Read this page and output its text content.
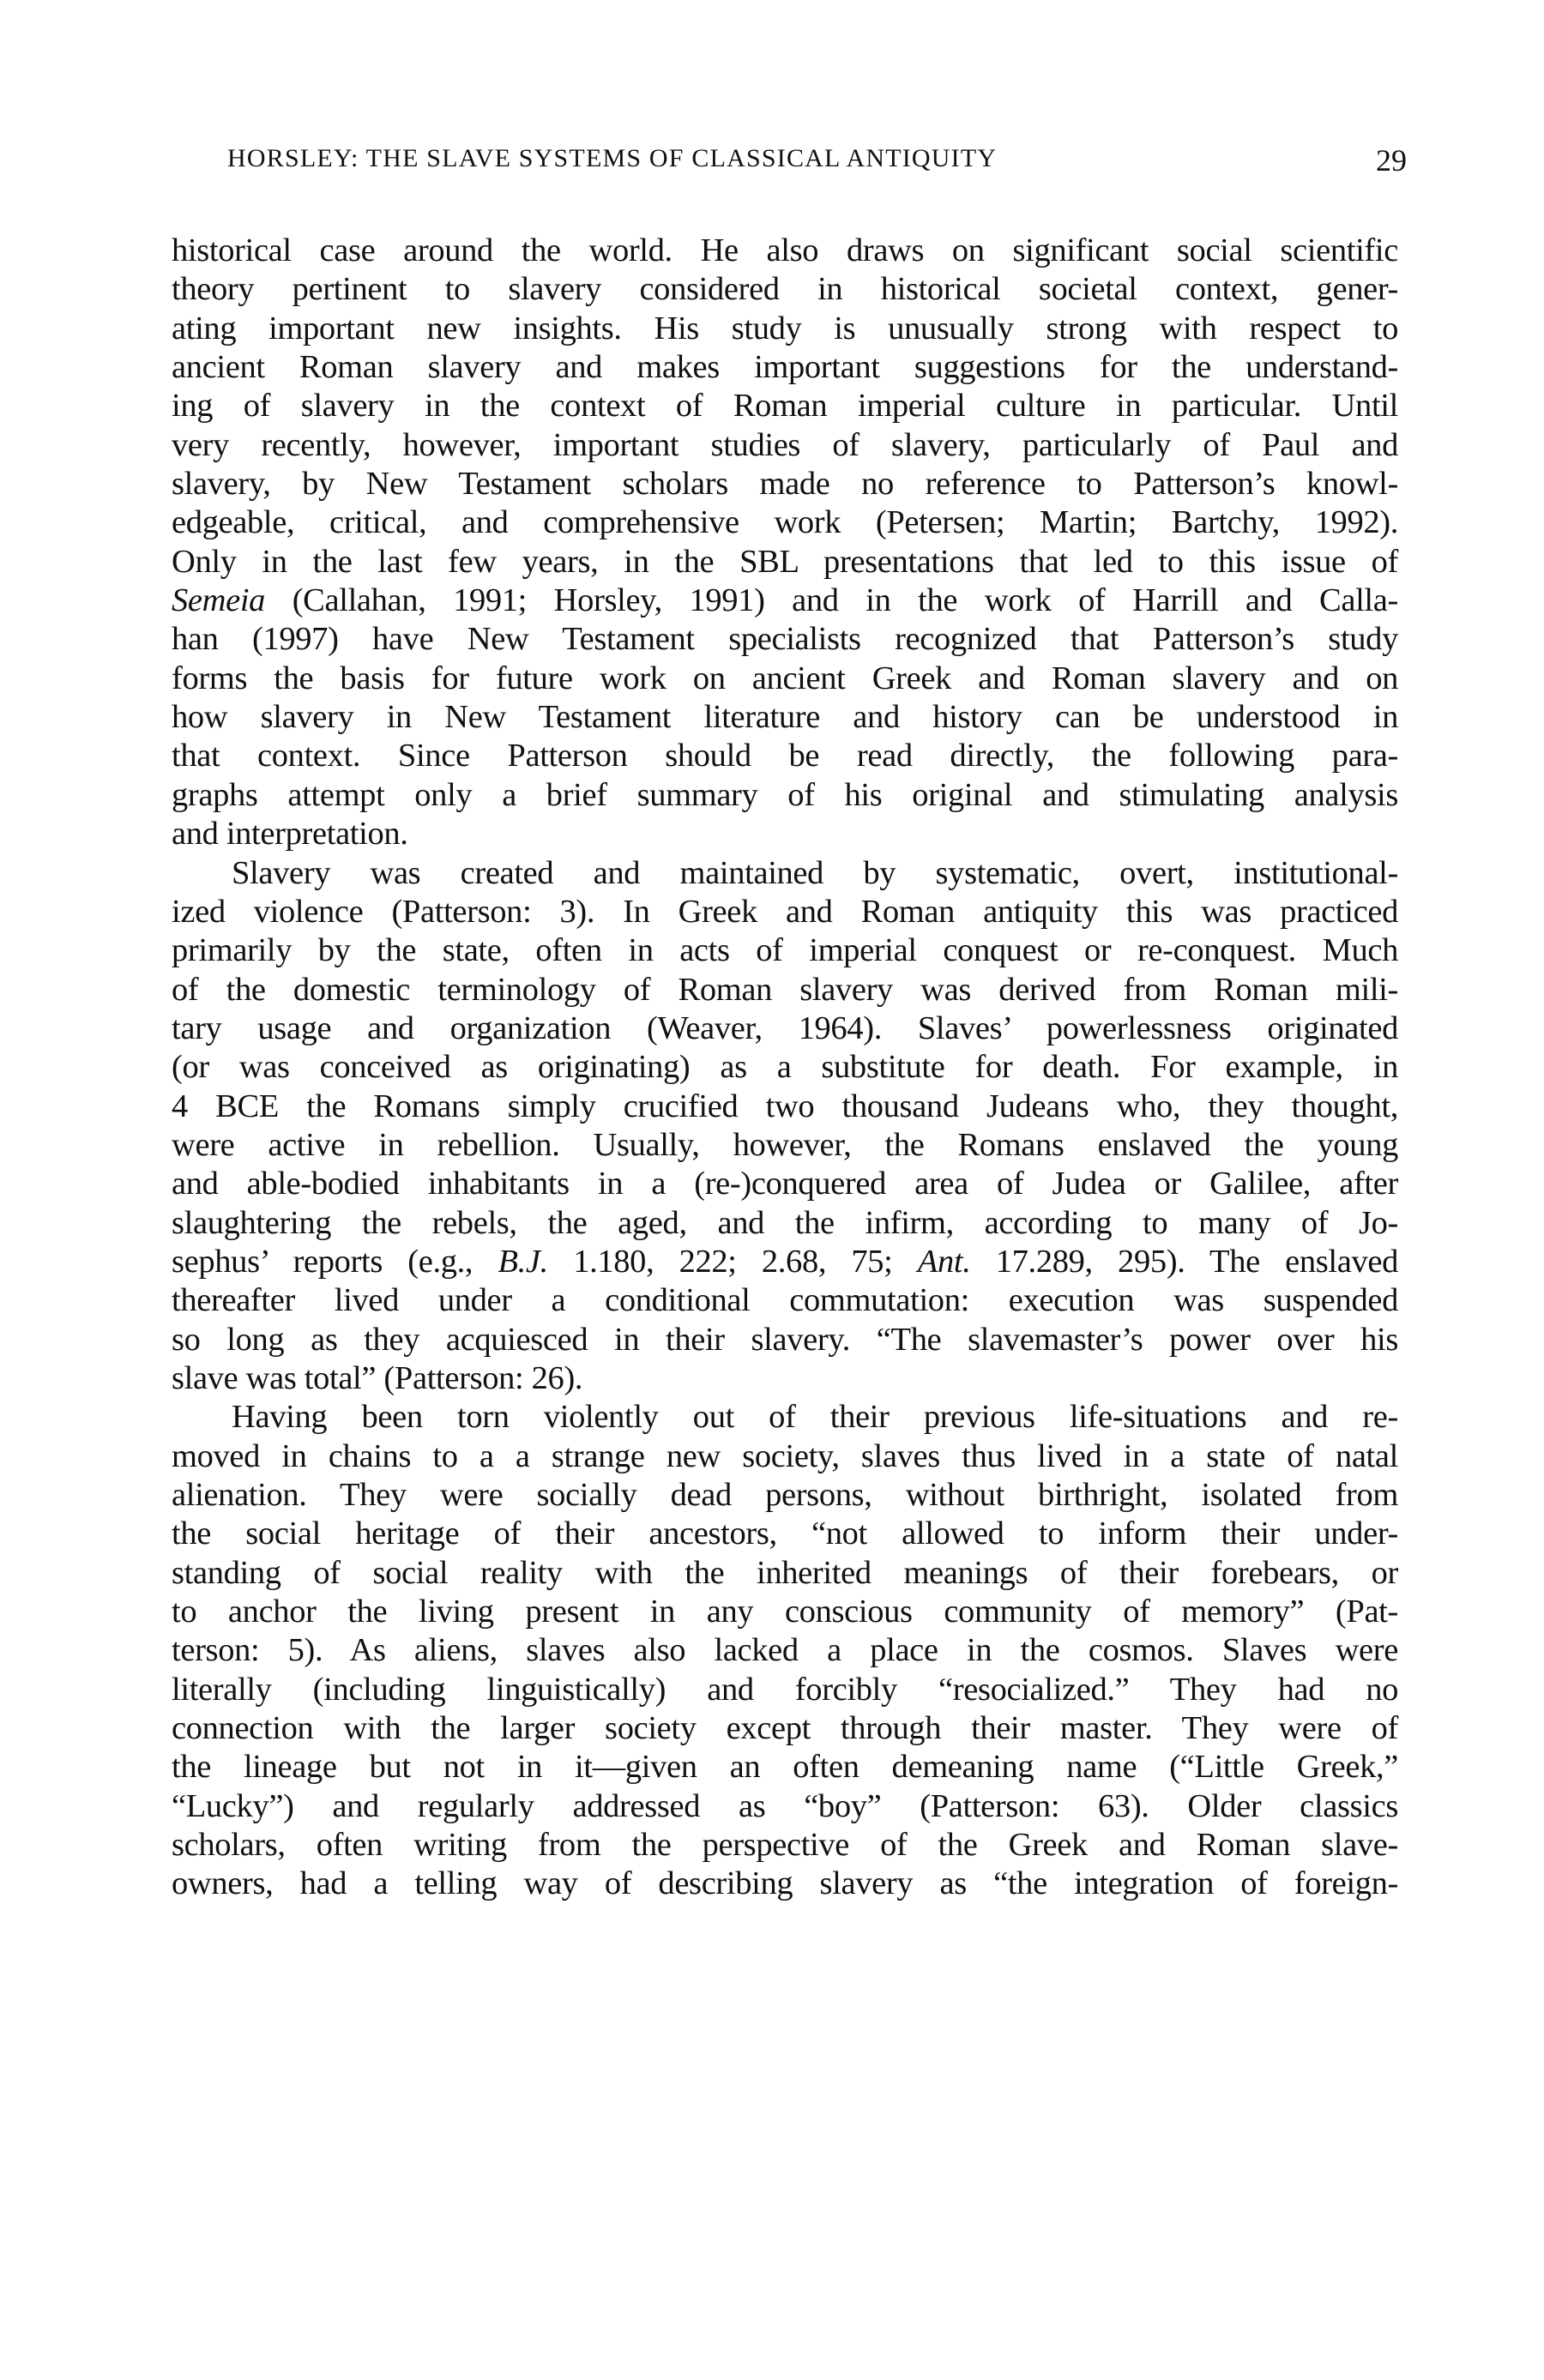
HORSLEY: THE SLAVE SYSTEMS OF CLASSICAL ANTIQUITY	29
historical case around the world. He also draws on significant social scientific
theory pertinent to slavery considered in historical societal context, gener-
ating important new insights. His study is unusually strong with respect to
ancient Roman slavery and makes important suggestions for the understand-
ing of slavery in the context of Roman imperial culture in particular. Until
very recently, however, important studies of slavery, particularly of Paul and
slavery, by New Testament scholars made no reference to Patterson’s knowl-
edgeable, critical, and comprehensive work (Petersen; Martin; Bartchy, 1992).
Only in the last few years, in the SBL presentations that led to this issue of
Semeia (Callahan, 1991; Horsley, 1991) and in the work of Harrill and Calla-
han (1997) have New Testament specialists recognized that Patterson’s study
forms the basis for future work on ancient Greek and Roman slavery and on
how slavery in New Testament literature and history can be understood in
that context. Since Patterson should be read directly, the following para-
graphs attempt only a brief summary of his original and stimulating analysis
and interpretation.
Slavery was created and maintained by systematic, overt, institutional-
ized violence (Patterson: 3). In Greek and Roman antiquity this was practiced
primarily by the state, often in acts of imperial conquest or re-conquest. Much
of the domestic terminology of Roman slavery was derived from Roman mili-
tary usage and organization (Weaver, 1964). Slaves’ powerlessness originated
(or was conceived as originating) as a substitute for death. For example, in
4 BCE the Romans simply crucified two thousand Judeans who, they thought,
were active in rebellion. Usually, however, the Romans enslaved the young
and able-bodied inhabitants in a (re-)conquered area of Judea or Galilee, after
slaughtering the rebels, the aged, and the infirm, according to many of Jo-
sephus’ reports (e.g., B.J. 1.180, 222; 2.68, 75; Ant. 17.289, 295). The enslaved
thereafter lived under a conditional commutation: execution was suspended
so long as they acquiesced in their slavery. “The slavemaster’s power over his
slave was total” (Patterson: 26).
Having been torn violently out of their previous life-situations and re-
moved in chains to a a strange new society, slaves thus lived in a state of natal
alienation. They were socially dead persons, without birthright, isolated from
the social heritage of their ancestors, “not allowed to inform their under-
standing of social reality with the inherited meanings of their forebears, or
to anchor the living present in any conscious community of memory” (Pat-
terson: 5). As aliens, slaves also lacked a place in the cosmos. Slaves were
literally (including linguistically) and forcibly “resocialized.” They had no
connection with the larger society except through their master. They were of
the lineage but not in it—given an often demeaning name (“Little Greek,”
“Lucky”) and regularly addressed as “boy” (Patterson: 63). Older classics
scholars, often writing from the perspective of the Greek and Roman slave-
owners, had a telling way of describing slavery as “the integration of foreign-
